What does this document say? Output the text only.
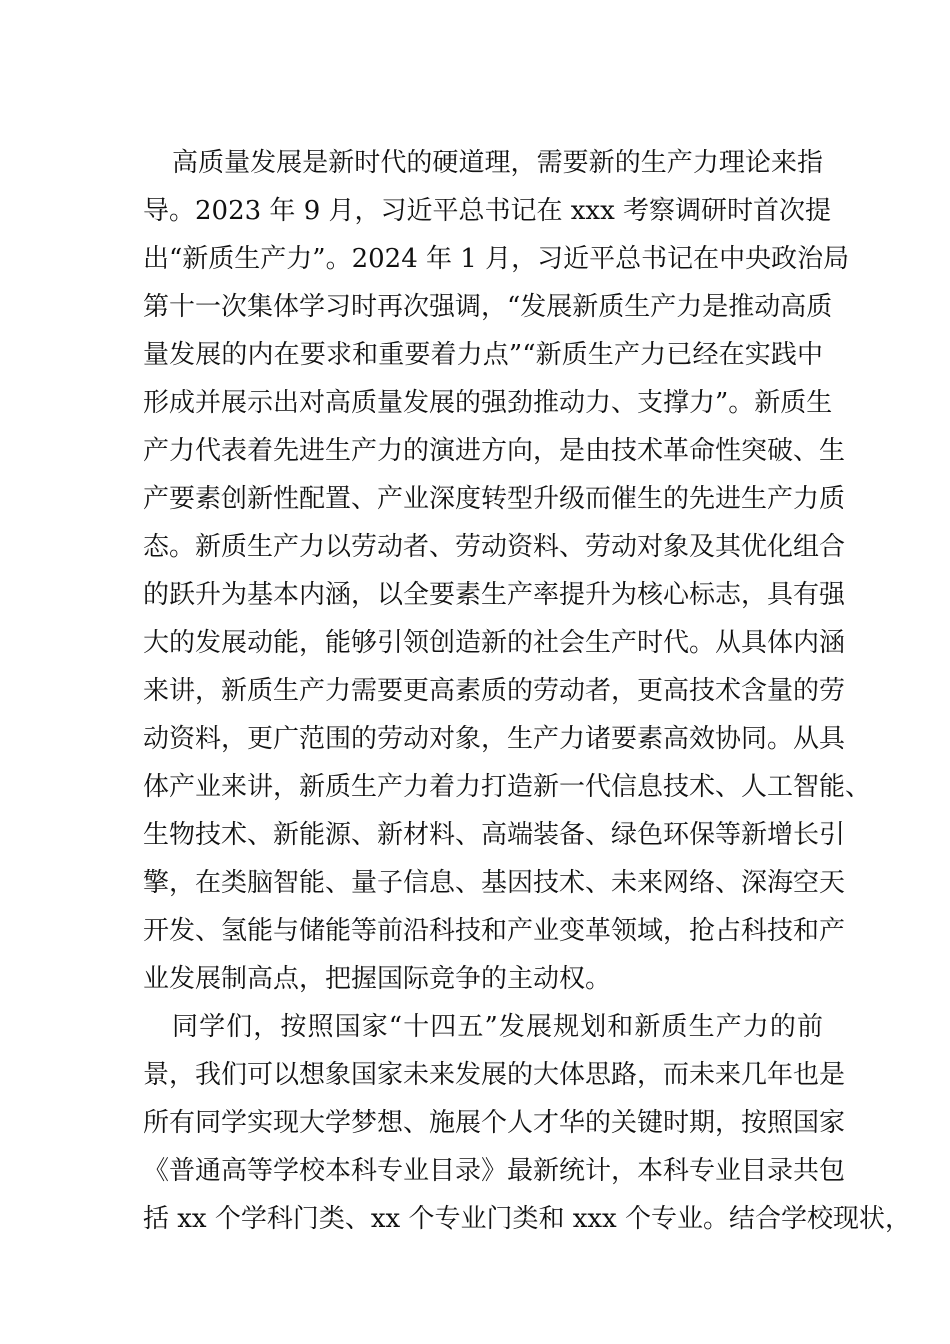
高质量发展是新时代的硬道理，需要新的生产力理论来指
导。2023 年 9 月，习近平总书记在 xxx 考察调研时首次提
出“新质生产力”。2024 年 1 月，习近平总书记在中央政治局
第十一次集体学习时再次强调，“发展新质生产力是推动高质
量发展的内在要求和重要着力点”“新质生产力已经在实践中
形成并展示出对高质量发展的强劲推动力、支撑力”。新质生
产力代表着先进生产力的演进方向，是由技术革命性突破、生
产要素创新性配置、产业深度转型升级而催生的先进生产力质
态。新质生产力以劳动者、劳动资料、劳动对象及其优化组合
的跃升为基本内涵，以全要素生产率提升为核心标志，具有强
大的发展动能，能够引领创造新的社会生产时代。从具体内涵
来讲，新质生产力需要更高素质的劳动者，更高技术含量的劳
动资料，更广范围的劳动对象，生产力诸要素高效协同。从具
体产业来讲，新质生产力着力打造新一代信息技术、人工智能、
生物技术、新能源、新材料、高端装备、绿色环保等新增长引
擎，在类脑智能、量子信息、基因技术、未来网络、深海空天
开发、氢能与储能等前沿科技和产业变革领域，抢占科技和产
业发展制高点，把握国际竞争的主动权。
同学们，按照国家“十四五”发展规划和新质生产力的前
景，我们可以想象国家未来发展的大体思路，而未来几年也是
所有同学实现大学梦想、施展个人才华的关键时期，按照国家
《普通高等学校本科专业目录》最新统计，本科专业目录共包
括 xx 个学科门类、xx 个专业门类和 xxx 个专业。结合学校现状，
